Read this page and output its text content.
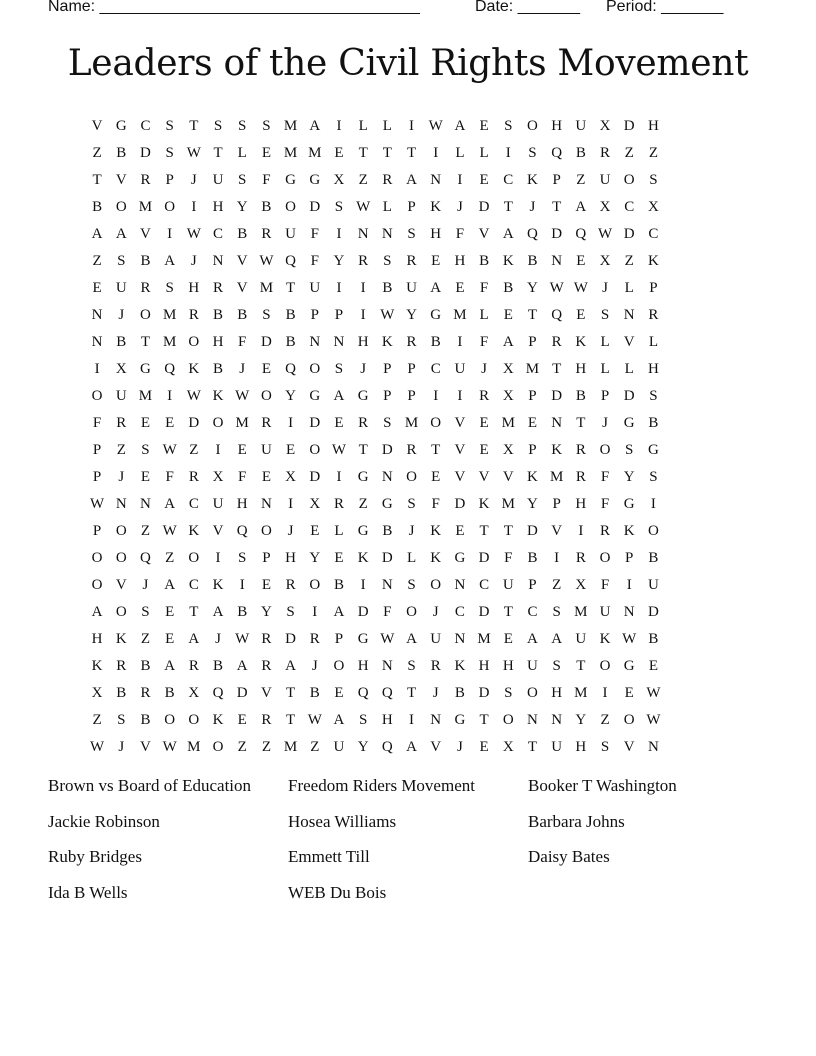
Name: ____________________________________

	Date: _______

Period: _______

Leaders of the Civil Rights Movement
V G C	S	T	S	S	S M A	I	L	L	I W A E	S O H U X D H
Z B D S W T	L	E M M E	T	T	T	I	L	L	I	S Q B R Z	Z
T V R	P	J	U S	F G G X Z R A N	I	E C K P	Z U O S
B O M O	I	H Y B O D S W L	P K	J	D T	J	T A X C X
A A V	I W C B R U F	I	N N S H F V A Q D Q W D C
Z	S	B A	J	N V W Q F Y R	S	R E H B K B N E X Z K
E U R	S H R V M T U	I	I	B U A E	F	B Y W W J	L	P
N	J	O M R B B	S	B	P	P	I W Y G M L	E	T Q E	S N R
N B T M O H F D B N N H K R B	I	F A P	R K L V L
I	X G Q K B	J	E Q O S	J	P	P	C U	J	X M T H L	L H
O U M	I W K W O Y G A G P	P	I	I	R X P D B	P D S
F	R E	E D O M R	I	D E R	S M O V E M E N T	J	G B
P	Z	S W Z	I	E U E O W T D R T V E X P K R O S G
P	J	E	F	R X F	E X D	I	G N O E V V V K M R	F Y S
W N N A C U H N	I	X R Z G S	F D K M Y P H F G	I
P O Z W K V Q O	J	E	L G B	J	K E	T	T D V	I	R K O
O O Q Z O	I	S	P H Y E K D L K G D F	B	I	R O P	B
O V	J	A C K	I	E R O B	I	N S O N C U P	Z X F	I	U
A O S	E	T A B Y S	I	A D F O	J	C D T C	S M U N D
H K Z	E A	J W R D R	P G W A U N M E A A U K W B
K R B A R B A R A	J	O H N S	R K H H U S	T O G E
X B R B X Q D V T B E Q Q T	J	B D S O H M	I	E W
Z	S	B O O K E R T W A S H	I	N G T O N N Y Z O W
W J	V W M O Z	Z M Z U Y Q A V	J	E X T U H S V N
Brown vs Board of Education	Freedom Riders Movement	Booker T Washington
Jackie Robinson	Hosea Williams	Barbara Johns
Ruby Bridges	Emmett Till	Daisy Bates
Ida B Wells	WEB Du Bois
